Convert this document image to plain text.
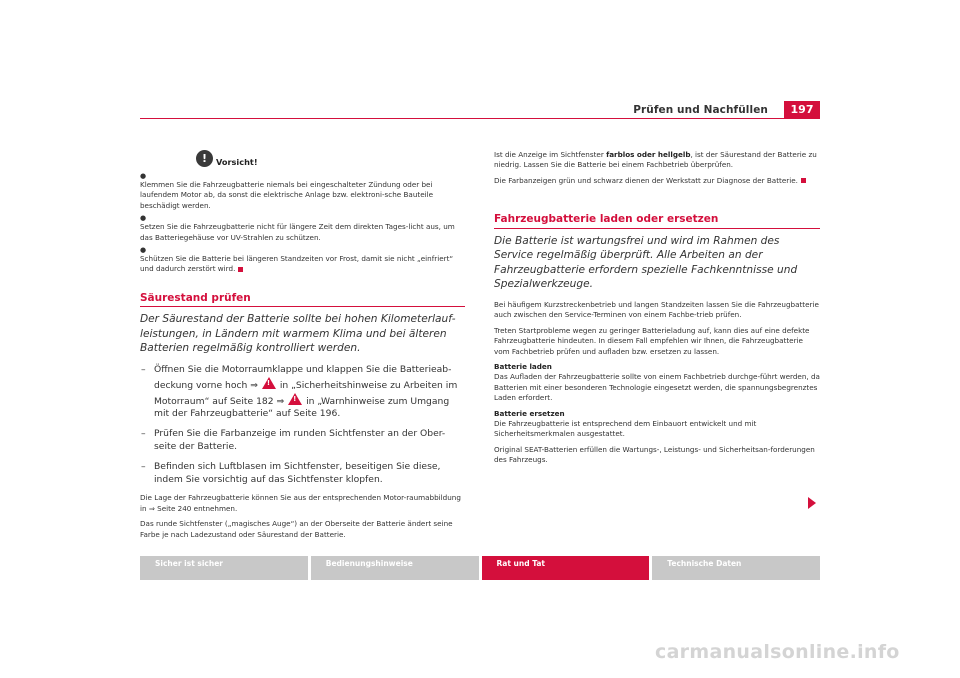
Prüfen und Nachfüllen	197
!	Vorsicht!
●
Klemmen Sie die Fahrzeugbatterie niemals bei eingeschalteter Zündung oder bei laufendem Motor ab, da sonst die elektrische Anlage bzw. elektroni-sche Bauteile beschädigt werden.
●
Setzen Sie die Fahrzeugbatterie nicht für längere Zeit dem direkten Tages-licht aus, um das Batteriegehäuse vor UV-Strahlen zu schützen.
●
Schützen Sie die Batterie bei längeren Standzeiten vor Frost, damit sie nicht „einfriert“ und dadurch zerstört wird.
Säurestand prüfen
Der Säurestand der Batterie sollte bei hohen Kilometerlauf-leistungen, in Ländern mit warmem Klima und bei älteren Batterien regelmäßig kontrolliert werden.
– Öffnen Sie die Motorraumklappe und klappen Sie die Batterieab-deckung vorne hoch ⇒ ! in „Sicherheitshinweise zu Arbeiten im Motorraum“ auf Seite 182 ⇒ ! in „Warnhinweise zum Umgang mit der Fahrzeugbatterie“ auf Seite 196.
– Prüfen Sie die Farbanzeige im runden Sichtfenster an der Ober-seite der Batterie.
– Befinden sich Luftblasen im Sichtfenster, beseitigen Sie diese, indem Sie vorsichtig auf das Sichtfenster klopfen.
Die Lage der Fahrzeugbatterie können Sie aus der entsprechenden Motor-raumabbildung in ⇒ Seite 240 entnehmen.
Das runde Sichtfenster („magisches Auge“) an der Oberseite der Batterie ändert seine Farbe je nach Ladezustand oder Säurestand der Batterie.
Ist die Anzeige im Sichtfenster farblos oder hellgelb, ist der Säurestand der Batterie zu niedrig. Lassen Sie die Batterie bei einem Fachbetrieb überprüfen.
Die Farbanzeigen grün und schwarz dienen der Werkstatt zur Diagnose der Batterie.
Fahrzeugbatterie laden oder ersetzen
Die Batterie ist wartungsfrei und wird im Rahmen des Service regelmäßig überprüft. Alle Arbeiten an der Fahrzeugbatterie erfordern spezielle Fachkenntnisse und Spezialwerkzeuge.
Bei häufigem Kurzstreckenbetrieb und langen Standzeiten lassen Sie die Fahrzeugbatterie auch zwischen den Service-Terminen von einem Fachbe-trieb prüfen.
Treten Startprobleme wegen zu geringer Batterieladung auf, kann dies auf eine defekte Fahrzeugbatterie hindeuten. In diesem Fall empfehlen wir Ihnen, die Fahrzeugbatterie vom Fachbetrieb prüfen und aufladen bzw. ersetzen zu lassen.
Batterie laden
Das Aufladen der Fahrzeugbatterie sollte von einem Fachbetrieb durchge-führt werden, da Batterien mit einer besonderen Technologie eingesetzt werden, die spannungsbegrenztes Laden erfordert.
Batterie ersetzen
Die Fahrzeugbatterie ist entsprechend dem Einbauort entwickelt und mit Sicherheitsmerkmalen ausgestattet.
Original SEAT-Batterien erfüllen die Wartungs-, Leistungs- und Sicherheitsan-forderungen des Fahrzeugs.
Sicher ist sicher	Bedienungshinweise	Rat und Tat	Technische Daten
carmanualsonline.info
